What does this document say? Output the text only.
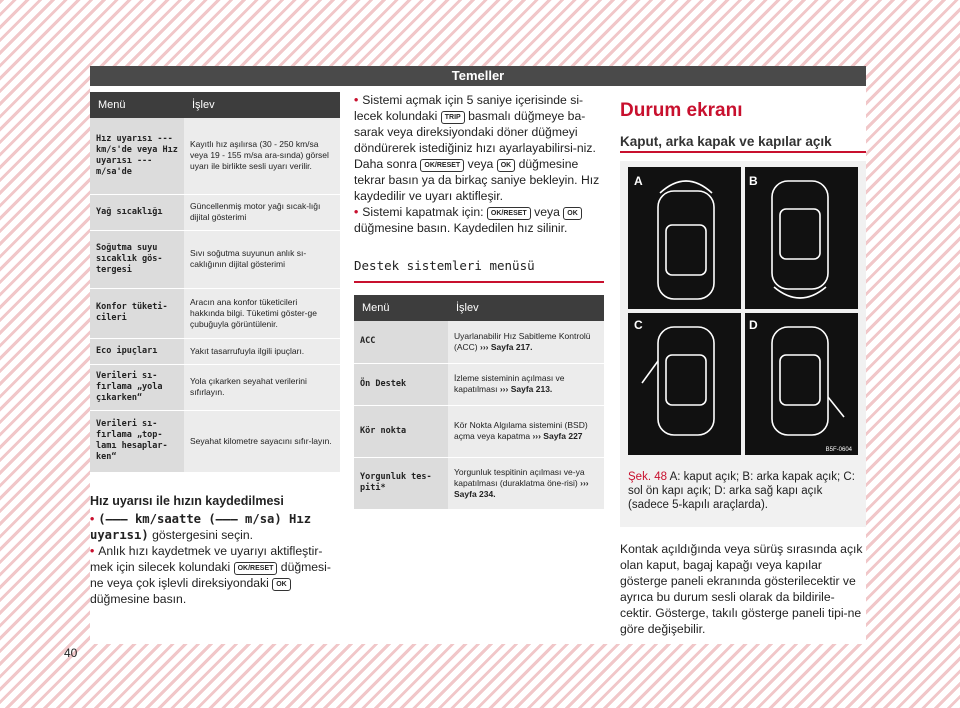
Temeller
Menü	İşlev
Hız uyarısı --- km/s'de veya Hız uyarısı --- m/sa'de	Kayıtlı hız aşılırsa (30 - 250 km/sa veya 19 - 155 m/sa ara-sında) görsel uyarı ile birlikte sesli uyarı verilir.
Yağ sıcaklığı	Güncellenmiş motor yağı sıcak-lığı dijital gösterimi
Soğutma suyu sıcaklık gös-tergesi	Sıvı soğutma suyunun anlık sı-caklığının dijital gösterimi
Konfor tüketi-cileri	Aracın ana konfor tüketicileri hakkında bilgi. Tüketimi göster-ge çubuğuyla görüntülenir.
Eco ipuçları	Yakıt tasarrufuyla ilgili ipuçları.
Verileri sı-fırlama „yola çıkarken“	Yola çıkarken seyahat verilerini sıfırlayın.
Verileri sı-fırlama „top-lamı hesaplar-ken“	Seyahat kilometre sayacını sıfır-layın.
Hız uyarısı ile hızın kaydedilmesi

• (––– km/saatte (––– m/sa) Hız uyarısı) göstergesini seçin.

• Anlık hızı kaydetmek ve uyarıyı aktifleştir-mek için silecek kolundaki OK/RESET düğmesi-ne veya çok işlevli direksiyondaki OK düğmesine basın.

40

• Sistemi açmak için 5 saniye içerisinde si-lecek kolundaki TRIP basmalı düğmeye ba-sarak veya direksiyondaki döner düğmeyi döndürerek istediğiniz hızı ayarlayabilirsi-niz. Daha sonra OK/RESET veya OK düğmesine tekrar basın ya da birkaç saniye bekleyin. Hız kaydedilir ve uyarı aktifleşir.

• Sistemi kapatmak için: OK/RESET veya OK düğmesine basın. Kaydedilen hız silinir.

Destek sistemleri menüsü
Menü	İşlev
ACC	Uyarlanabilir Hız Sabitleme Kontrolü (ACC) ››› Sayfa 217.
Ön Destek	İzleme sisteminin açılması ve kapatılması ››› Sayfa 213.
Kör nokta	Kör Nokta Algılama sistemini (BSD) açma veya kapatma ››› Sayfa 227
Yorgunluk tes-piti*	Yorgunluk tespitinin açılması ve-ya kapatılması (duraklatma öne-risi) ››› Sayfa 234.
Durum ekranı
Kaput, arka kapak ve kapılar açık
A	B
C	D
B5F-0604
Şek. 48 A: kaput açık; B: arka kapak açık; C: sol ön kapı açık; D: arka sağ kapı açık (sadece 5-kapılı araçlarda).

Kontak açıldığında veya sürüş sırasında açık olan kaput, bagaj kapağı veya kapılar gösterge paneli ekranında gösterilecektir ve ayrıca bu durum sesli olarak da bildirile-cektir. Gösterge, takılı gösterge paneli tipi-ne göre değişebilir.
